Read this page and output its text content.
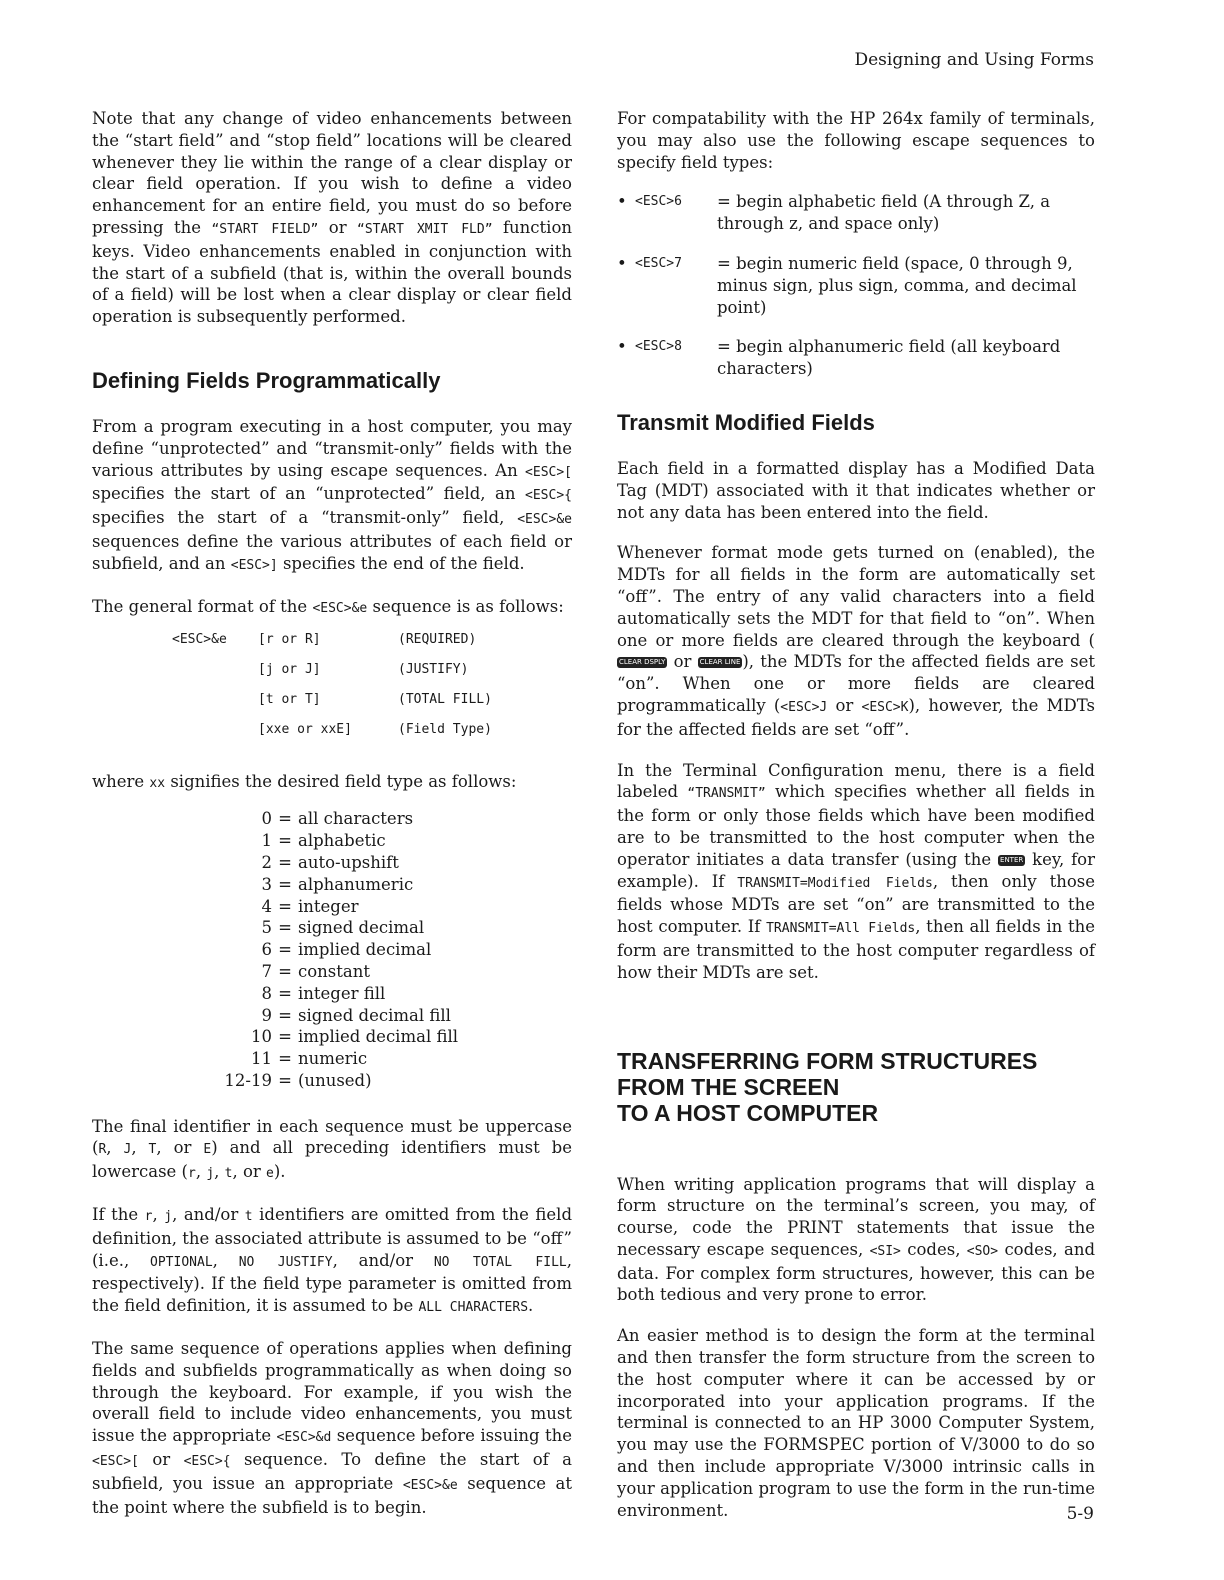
Designing and Using Forms

Note that any change of video enhancements between the “start field” and “stop field” locations will be cleared whenever they lie within the range of a clear display or clear field operation. If you wish to define a video enhancement for an entire field, you must do so before pressing the “START FIELD” or “START XMIT FLD” function keys. Video enhancements enabled in conjunction with the start of a subfield (that is, within the overall bounds of a field) will be lost when a clear display or clear field operation is subsequently performed.

Defining Fields Programmatically

From a program executing in a host computer, you may define “unprotected” and “transmit-only” fields with the various attributes by using escape sequences. An <ESC>[ specifies the start of an “unprotected” field, an <ESC>{ specifies the start of a “transmit-only” field, <ESC>&e sequences define the various attributes of each field or subfield, and an <ESC>] specifies the end of the field.

The general format of the <ESC>&e sequence is as follows:

<ESC>&e	[r or R]	(REQUIRED)
	[j or J]	(JUSTIFY)
	[t or T]	(TOTAL FILL)
	[xxe or xxE]	(Field Type)

where xx signifies the desired field type as follows:

0 = all characters
1 = alphabetic
2 = auto-upshift
3 = alphanumeric
4 = integer
5 = signed decimal
6 = implied decimal
7 = constant
8 = integer fill
9 = signed decimal fill
10 = implied decimal fill
11 = numeric
12-19 = (unused)

The final identifier in each sequence must be uppercase (R, J, T, or E) and all preceding identifiers must be lowercase (r, j, t, or e).

If the r, j, and/or t identifiers are omitted from the field definition, the associated attribute is assumed to be “off” (i.e., OPTIONAL, NO JUSTIFY, and/or NO TOTAL FILL, respectively). If the field type parameter is omitted from the field definition, it is assumed to be ALL CHARACTERS.

The same sequence of operations applies when defining fields and subfields programmatically as when doing so through the keyboard. For example, if you wish the overall field to include video enhancements, you must issue the appropriate <ESC>&d sequence before issuing the <ESC>[ or <ESC>{ sequence. To define the start of a subfield, you issue an appropriate <ESC>&e sequence at the point where the subfield is to begin.

For compatability with the HP 264x family of terminals, you may also use the following escape sequences to specify field types:

• <ESC>6	= begin alphabetic field (A through Z, a through z, and space only)
• <ESC>7	= begin numeric field (space, 0 through 9, minus sign, plus sign, comma, and decimal point)
• <ESC>8	= begin alphanumeric field (all keyboard characters)
Transmit Modified Fields

Each field in a formatted display has a Modified Data Tag (MDT) associated with it that indicates whether or not any data has been entered into the field.

Whenever format mode gets turned on (enabled), the MDTs for all fields in the form are automatically set “off”. The entry of any valid characters into a field automatically sets the MDT for that field to “on”. When one or more fields are cleared through the keyboard (CLEAR DSPLY or CLEAR LINE ), the MDTs for the affected fields are set “on”. When one or more fields are cleared programmatically (<ESC>J or <ESC>K), however, the MDTs for the affected fields are set “off”.

In the Terminal Configuration menu, there is a field labeled “TRANSMIT” which specifies whether all fields in the form or only those fields which have been modified are to be transmitted to the host computer when the operator initiates a data transfer (using the ENTER key, for example). If TRANSMIT=Modified Fields, then only those fields whose MDTs are set “on” are transmitted to the host computer. If TRANSMIT=All Fields, then all fields in the form are transmitted to the host computer regardless of how their MDTs are set.

TRANSFERRING FORM STRUCTURES
FROM THE SCREEN
TO A HOST COMPUTER

When writing application programs that will display a form structure on the terminal’s screen, you may, of course, code the PRINT statements that issue the necessary escape sequences, <SI> codes, <SO> codes, and data. For complex form structures, however, this can be both tedious and very prone to error.

An easier method is to design the form at the terminal and then transfer the form structure from the screen to the host computer where it can be accessed by or incorporated into your application programs. If the terminal is connected to an HP 3000 Computer System, you may use the FORMSPEC portion of V/3000 to do so and then include appropriate V/3000 intrinsic calls in your application program to use the form in the run-time environment.	5-9
